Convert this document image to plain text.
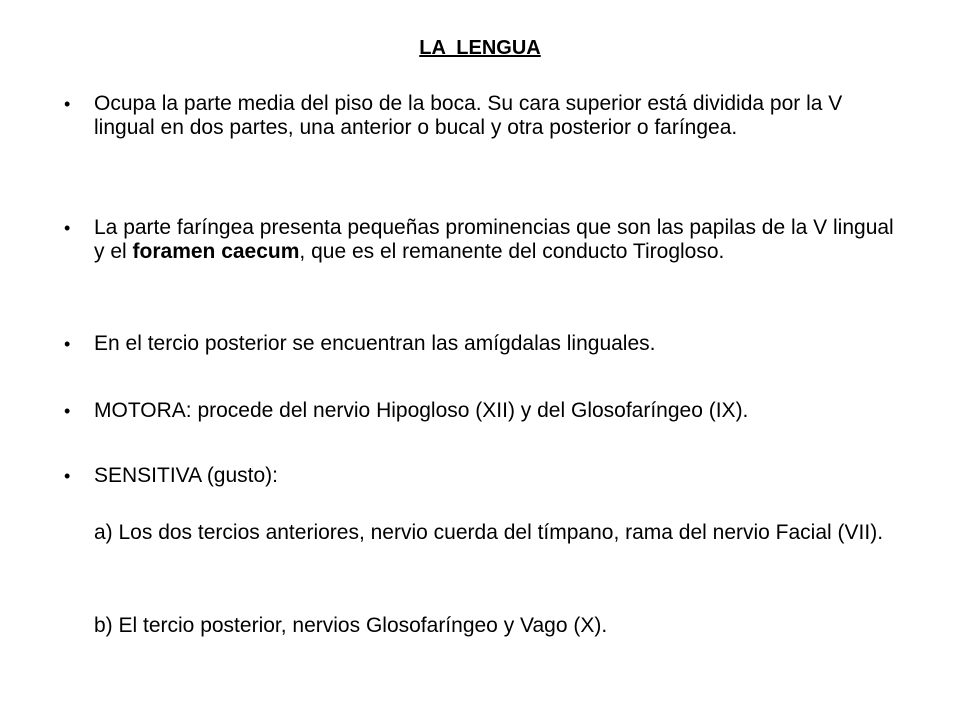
LA  LENGUA
•	Ocupa la parte media del piso de la boca. Su cara superior está dividida por la V lingual en dos partes, una anterior o bucal y otra posterior o faríngea.
•	La parte faríngea presenta pequeñas prominencias que son las papilas de la V lingual y el foramen caecum, que es el remanente del conducto Tirogloso.
•	En el tercio posterior se encuentran las amígdalas linguales.
•	MOTORA: procede del nervio Hipogloso (XII) y del Glosofaríngeo (IX).
•	SENSITIVA (gusto):
a) Los dos tercios anteriores, nervio cuerda del tímpano, rama del nervio Facial (VII).
b) El tercio posterior, nervios Glosofaríngeo y Vago (X).
